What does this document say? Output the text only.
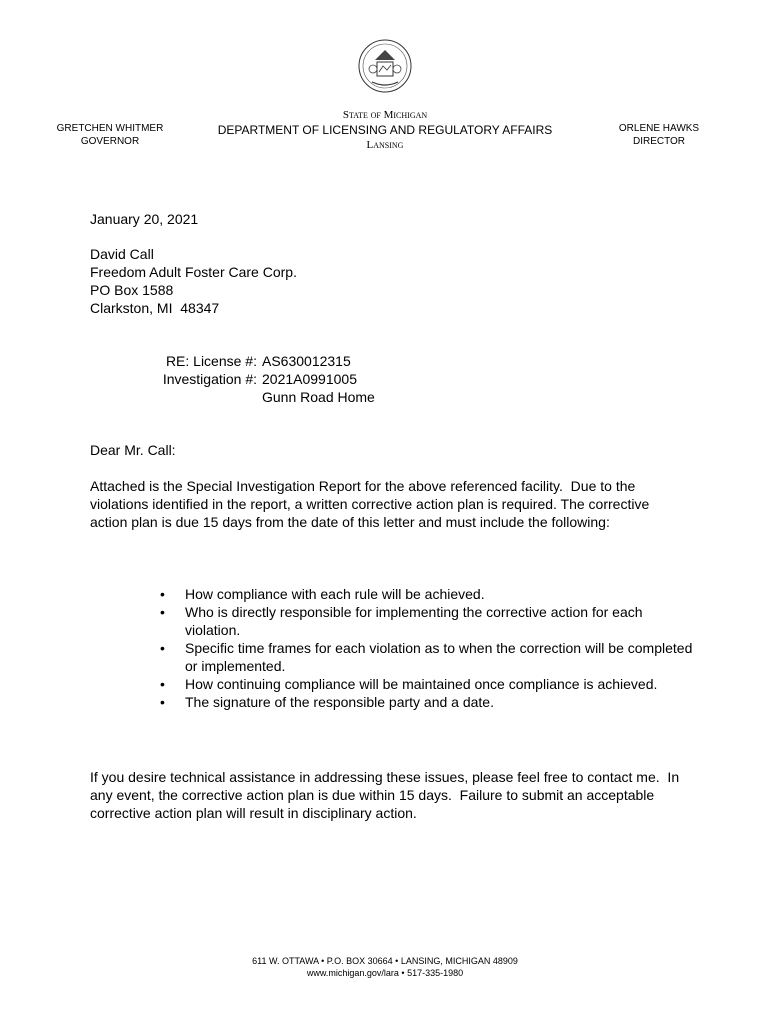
GRETCHEN WHITMER
GOVERNOR
State of Michigan
DEPARTMENT OF LICENSING AND REGULATORY AFFAIRS
Lansing
ORLENE HAWKS
DIRECTOR
January 20, 2021
David Call
Freedom Adult Foster Care Corp.
PO Box 1588
Clarkston, MI  48347
RE: License #: AS630012315
Investigation #: 2021A0991005
Gunn Road Home
Dear Mr. Call:
Attached is the Special Investigation Report for the above referenced facility.  Due to the violations identified in the report, a written corrective action plan is required. The corrective action plan is due 15 days from the date of this letter and must include the following:
• How compliance with each rule will be achieved.
• Who is directly responsible for implementing the corrective action for each violation.
• Specific time frames for each violation as to when the correction will be completed or implemented.
• How continuing compliance will be maintained once compliance is achieved.
• The signature of the responsible party and a date.
If you desire technical assistance in addressing these issues, please feel free to contact me.  In any event, the corrective action plan is due within 15 days.  Failure to submit an acceptable corrective action plan will result in disciplinary action.
611 W. OTTAWA • P.O. BOX 30664 • LANSING, MICHIGAN 48909
www.michigan.gov/lara • 517-335-1980
